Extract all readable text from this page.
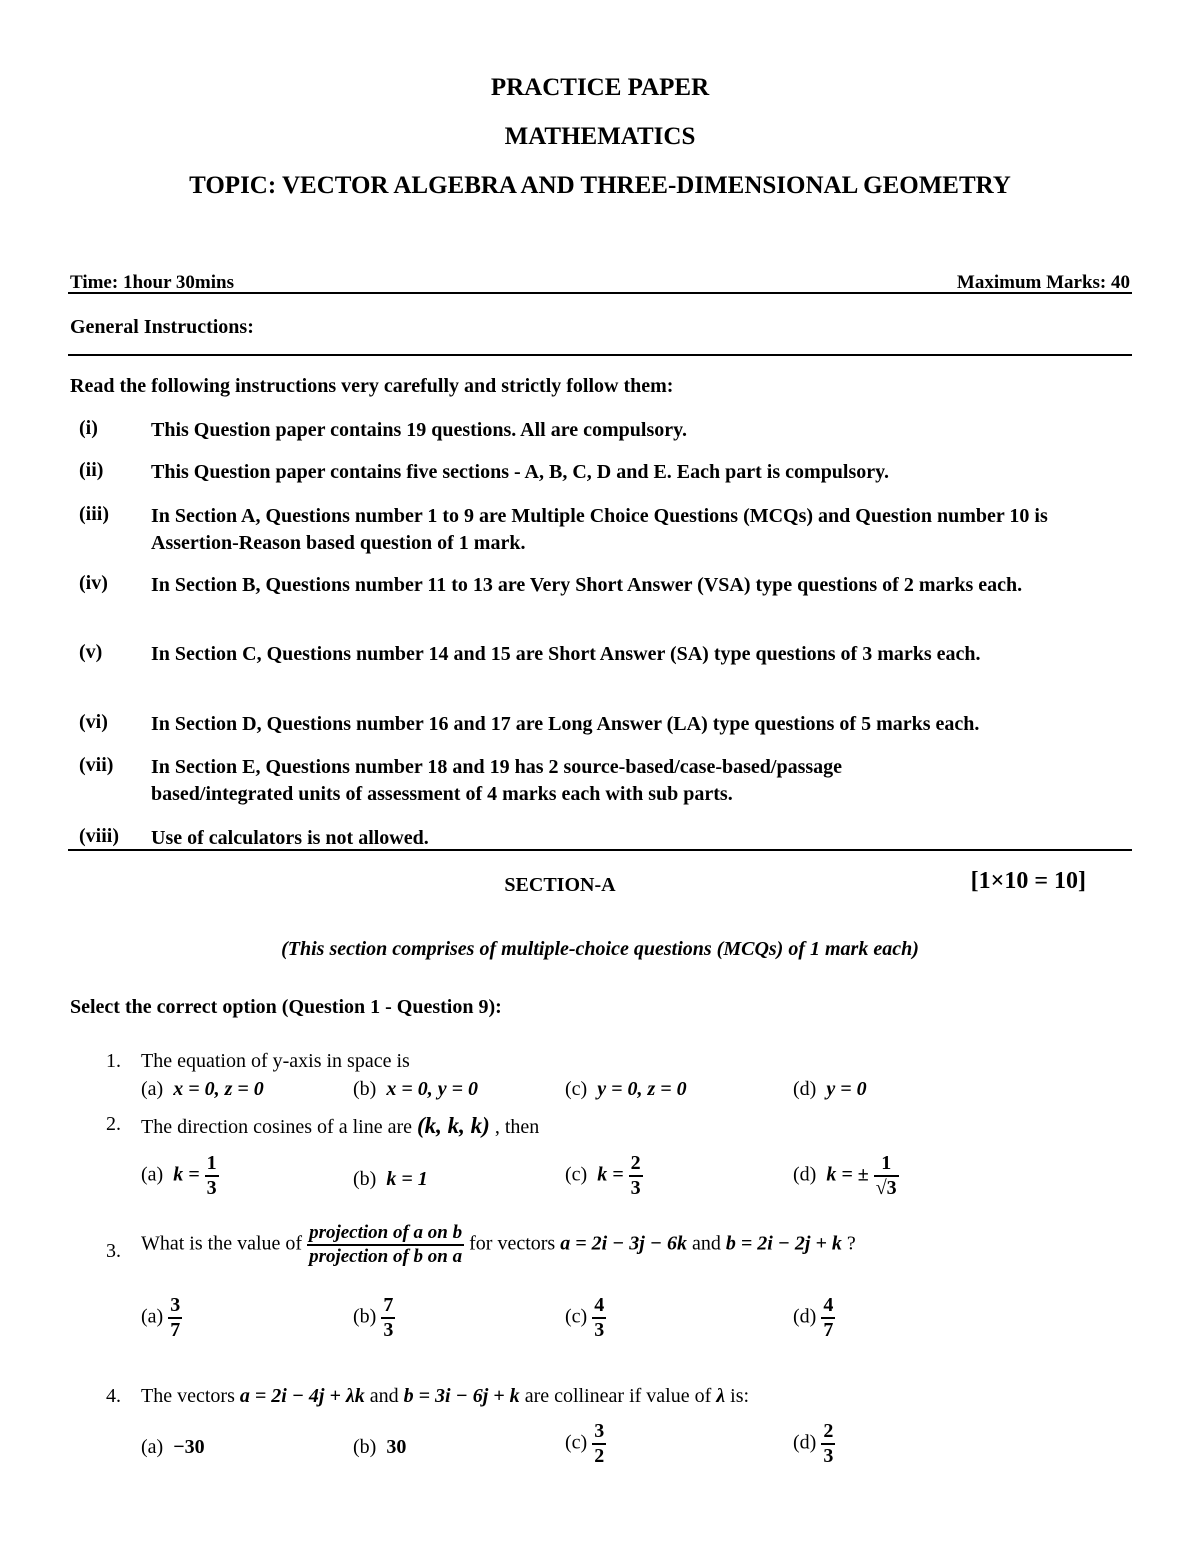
PRACTICE PAPER
MATHEMATICS
TOPIC: VECTOR ALGEBRA AND THREE-DIMENSIONAL GEOMETRY
Time: 1hour 30mins	Maximum Marks: 40
General Instructions:
Read the following instructions very carefully and strictly follow them:
(i)	This Question paper contains 19 questions. All are compulsory.
(ii) This Question paper contains five sections - A, B, C, D and E. Each part is compulsory.
(iii) In Section A, Questions number 1 to 9 are Multiple Choice Questions (MCQs) and Question number 10 is Assertion-Reason based question of 1 mark.
(iv) In Section B, Questions number 11 to 13 are Very Short Answer (VSA) type questions of 2 marks each.
(v) In Section C, Questions number 14 and 15 are Short Answer (SA) type questions of 3 marks each.
(vi) In Section D, Questions number 16 and 17 are Long Answer (LA) type questions of 5 marks each.
(vii) In Section E, Questions number 18 and 19 has 2 source-based/case-based/passage based/integrated units of assessment of 4 marks each with sub parts.
(viii) Use of calculators is not allowed.
SECTION-A	[1×10 = 10]
(This section comprises of multiple-choice questions (MCQs) of 1 mark each)
Select the correct option (Question 1 - Question 9):
1. The equation of y-axis in space is
(a) x = 0, z = 0	(b) x = 0, y = 0	(c) y = 0, z = 0	(d) y = 0
2. The direction cosines of a line are (k, k, k) , then
(a) $k = \frac{1}{3}$	(b) k = 1	(c) $k = \frac{2}{3}$	(d) k = ± $\frac{1}{√3}$
3. What is the value of $\frac{\text{projection of a on b}}{\text{projection of b on a}}$ for vectors a = 2i − 3j − 6k and b = 2i − 2j + k ?
$(a) \frac{3}{7}$	$(b) \frac{7}{3}$	$(c) \frac{4}{3}$	$(d) \frac{4}{7}$
4. The vectors a = 2i − 4j + λk and b = 3i − 6j + k are collinear if value of λ is:
(a) −30	(b) 30	$(c) \frac{3}{2}$	$(d) \frac{2}{3}$
